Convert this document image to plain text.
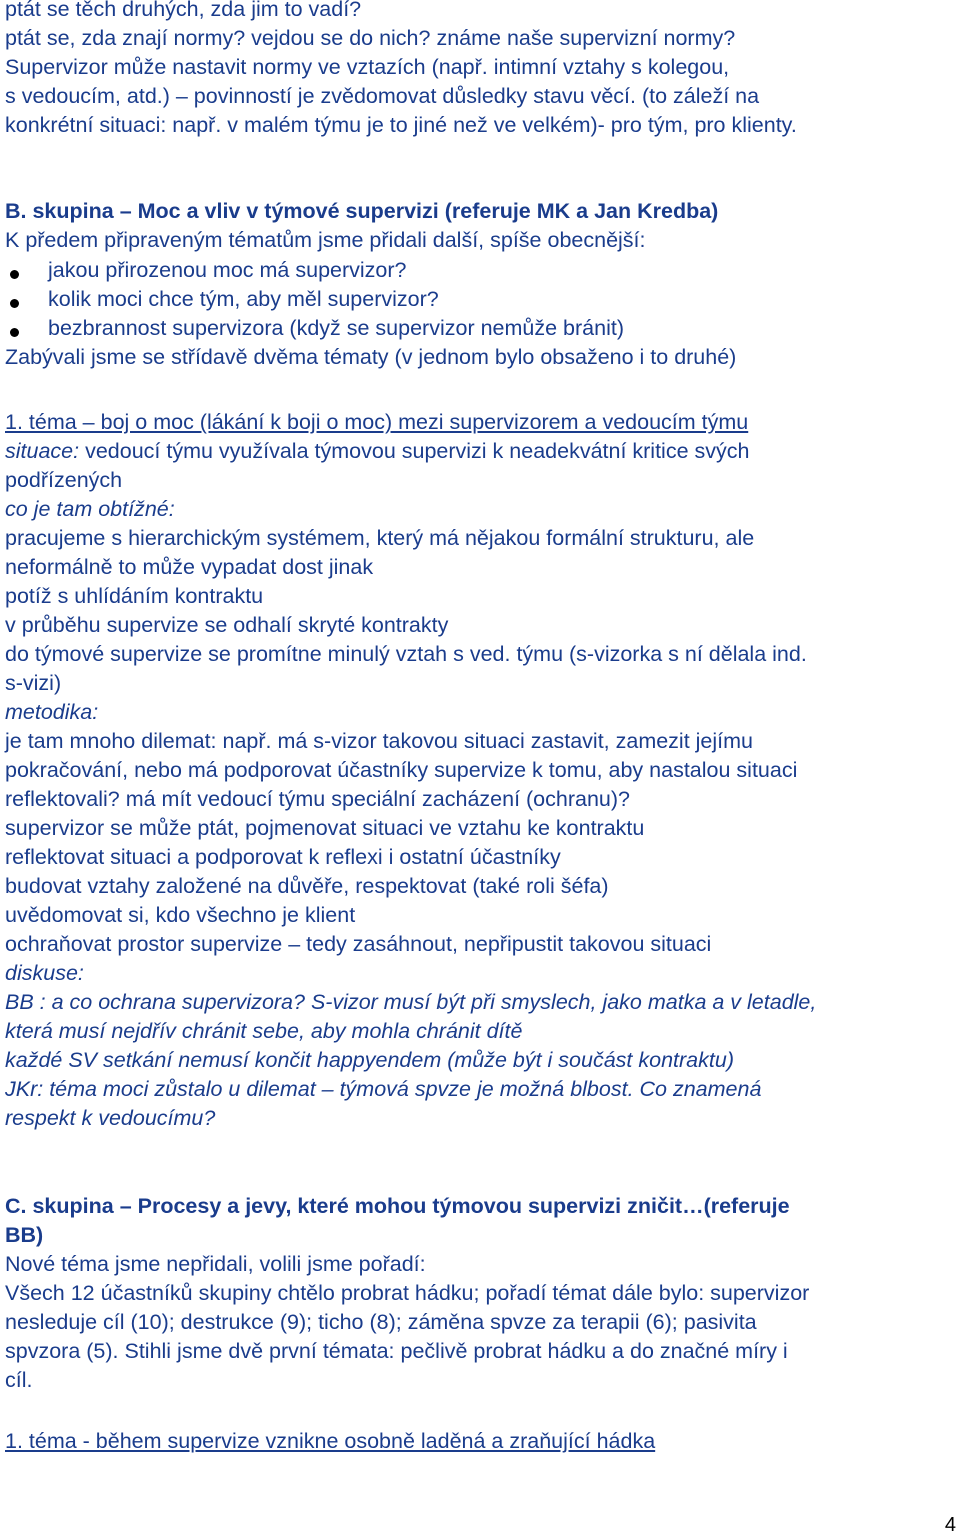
ptát se těch druhých, zda jim to vadí?
ptát se, zda znají normy? vejdou se do nich? známe naše supervizní normy?
Supervizor může nastavit normy ve vztazích (např. intimní vztahy s kolegou,
s vedoucím, atd.) – povinností je zvědomovat důsledky stavu věcí. (to záleží na
konkrétní situaci: např. v malém týmu je to jiné než ve velkém)- pro tým, pro klienty.
B. skupina – Moc a vliv v týmové supervizi (referuje MK a Jan Kredba)
K předem připraveným tématům jsme přidali další, spíše obecnější:
jakou přirozenou moc má supervizor?
kolik moci chce tým, aby měl supervizor?
bezbrannost supervizora (když se supervizor nemůže bránit)
Zabývali jsme se střídavě dvěma tématy (v jednom bylo obsaženo i to druhé)
1. téma – boj o moc (lákání k boji o moc) mezi supervizorem a vedoucím týmu
situace: vedoucí týmu využívala týmovou supervizi k neadekvátní kritice svých
podřízených
co je tam obtížné:
pracujeme s hierarchickým systémem, který má nějakou formální strukturu, ale
neformálně to může vypadat dost jinak
potíž s uhlídáním kontraktu
v průběhu supervize se odhalí skryté kontrakty
do týmové supervize se promítne minulý vztah s ved. týmu (s-vizorka s ní dělala ind.
s-vizi)
metodika:
je tam mnoho dilemat: např. má s-vizor takovou situaci zastavit, zamezit jejímu
pokračování, nebo má podporovat účastníky supervize k tomu, aby nastalou situaci
reflektovali? má mít vedoucí týmu speciální zacházení (ochranu)?
supervizor se může ptát, pojmenovat situaci ve vztahu ke kontraktu
reflektovat situaci a podporovat k reflexi i ostatní účastníky
budovat vztahy založené na důvěře, respektovat (také roli šéfa)
uvědomovat si, kdo všechno je klient
ochraňovat prostor supervize – tedy zasáhnout, nepřipustit takovou situaci
diskuse:
BB : a co ochrana supervizora? S-vizor musí být při smyslech, jako matka a v letadle,
která musí nejdřív chránit sebe, aby mohla chránit dítě
každé SV setkání nemusí končit happyendem (může být i součást kontraktu)
JKr: téma moci zůstalo u dilemat – týmová spvze je možná blbost. Co znamená
respekt k vedoucímu?
C. skupina – Procesy a jevy, které mohou týmovou supervizi zničit…(referuje
BB)
Nové téma jsme nepřidali, volili jsme pořadí:
Všech 12 účastníků skupiny chtělo probrat hádku; pořadí témat dále bylo: supervizor
nesleduje cíl (10); destrukce (9); ticho (8); záměna spvze za terapii (6); pasivita
spvzora (5). Stihli jsme dvě první témata: pečlivě probrat hádku a do značné míry i
cíl.
1. téma - během supervize vznikne osobně laděná a zraňující hádka
4
